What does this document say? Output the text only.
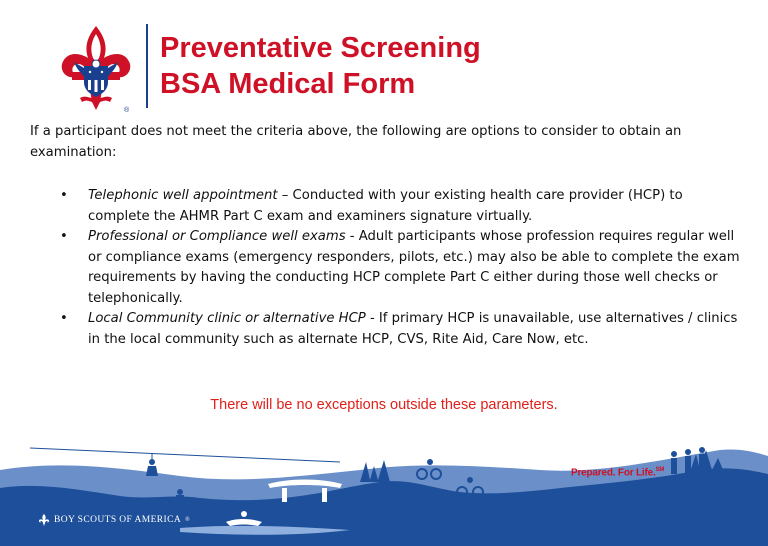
®
Preventative Screening
BSA Medical Form

If a participant does not meet the criteria above, the following are options to consider to obtain an examination:

• Telephonic well appointment – Conducted with your existing health care provider (HCP) to complete the AHMR Part C exam and examiners signature virtually.
• Professional or Compliance well exams - Adult participants whose profession requires regular well or compliance exams (emergency responders, pilots, etc.) may also be able to complete the exam requirements by having the conducting HCP complete Part C either during those well checks or telephonically.
• Local Community clinic or alternative HCP - If primary HCP is unavailable, use alternatives / clinics in the local community such as alternate HCP, CVS, Rite Aid, Care Now, etc.

There will be no exceptions outside these parameters.

Prepared. For Life.℠
BOY SCOUTS OF AMERICA ®
